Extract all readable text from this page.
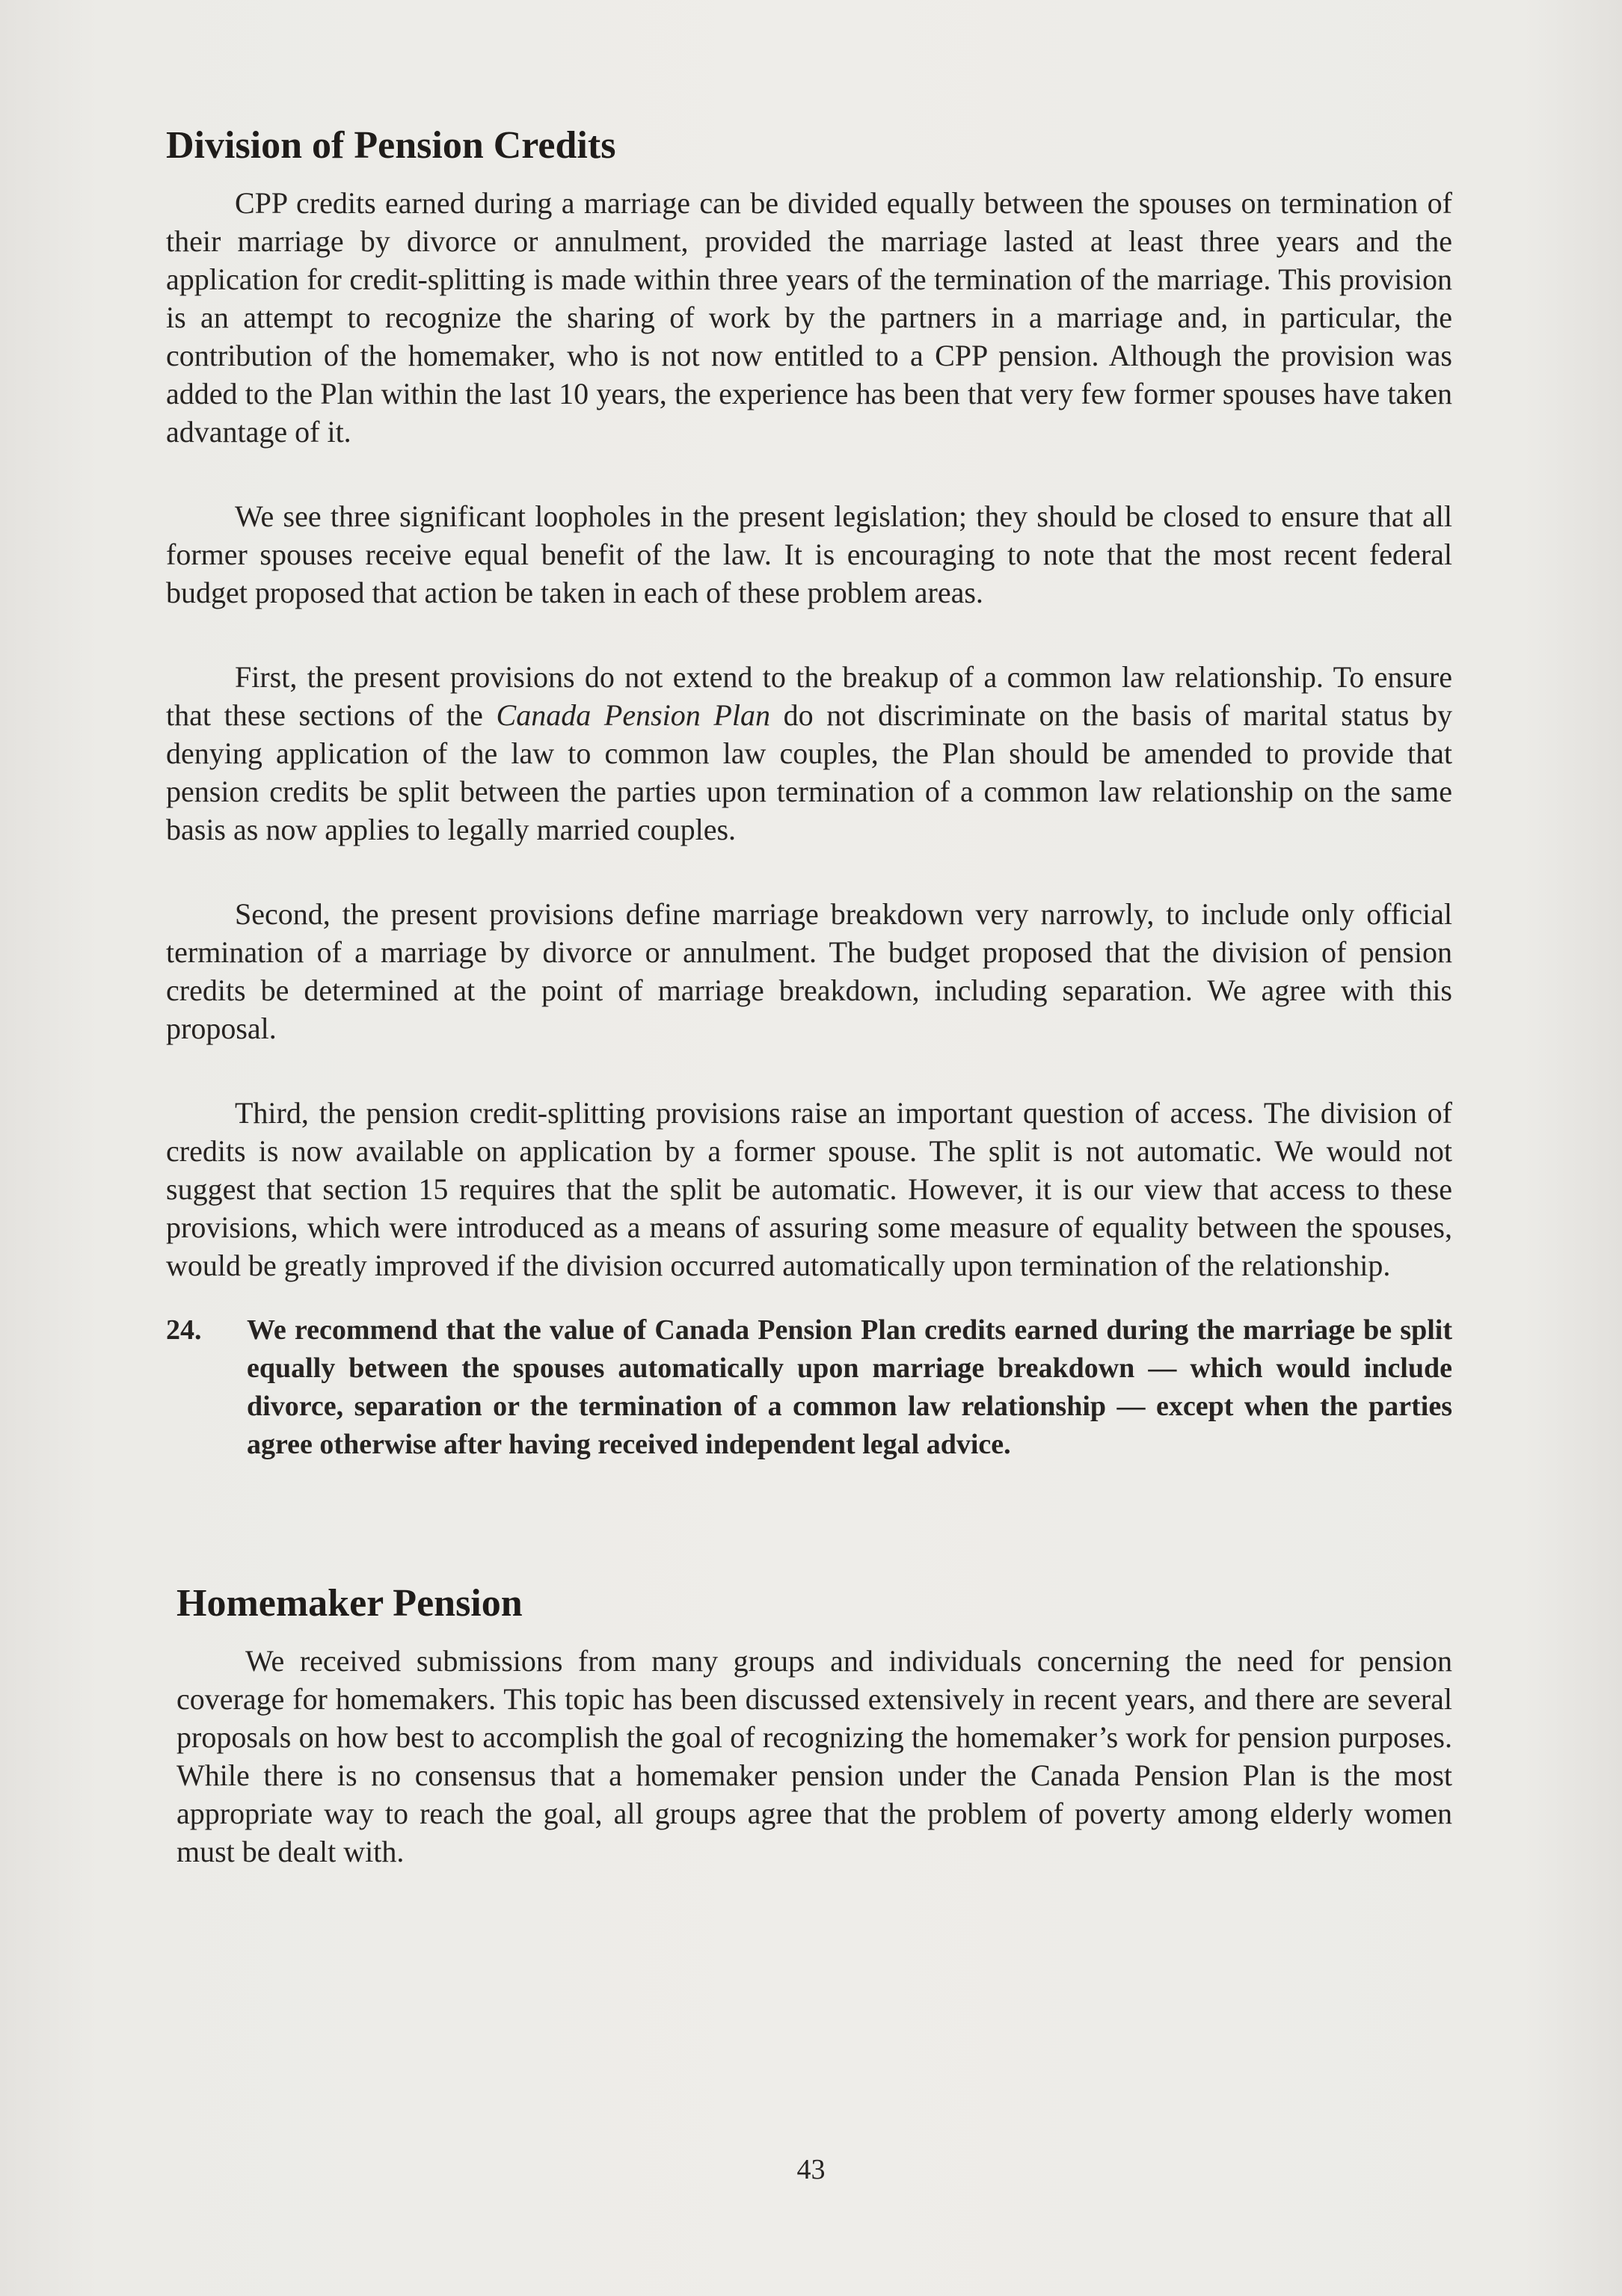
Division of Pension Credits

CPP credits earned during a marriage can be divided equally between the spouses on termination of their marriage by divorce or annulment, provided the marriage lasted at least three years and the application for credit-splitting is made within three years of the termination of the marriage. This provision is an attempt to recognize the sharing of work by the partners in a marriage and, in particular, the contribution of the homemaker, who is not now entitled to a CPP pension. Although the provision was added to the Plan within the last 10 years, the experience has been that very few former spouses have taken advantage of it.

We see three significant loopholes in the present legislation; they should be closed to ensure that all former spouses receive equal benefit of the law. It is encouraging to note that the most recent federal budget proposed that action be taken in each of these problem areas.

First, the present provisions do not extend to the breakup of a common law relationship. To ensure that these sections of the Canada Pension Plan do not discriminate on the basis of marital status by denying application of the law to common law couples, the Plan should be amended to provide that pension credits be split between the parties upon termination of a common law relationship on the same basis as now applies to legally married couples.

Second, the present provisions define marriage breakdown very narrowly, to include only official termination of a marriage by divorce or annulment. The budget proposed that the division of pension credits be determined at the point of marriage breakdown, including separation. We agree with this proposal.

Third, the pension credit-splitting provisions raise an important question of access. The division of credits is now available on application by a former spouse. The split is not automatic. We would not suggest that section 15 requires that the split be automatic. However, it is our view that access to these provisions, which were introduced as a means of assuring some measure of equality between the spouses, would be greatly improved if the division occurred automatically upon termination of the relationship.

24.	We recommend that the value of Canada Pension Plan credits earned during the marriage be split equally between the spouses automatically upon marriage breakdown — which would include divorce, separation or the termination of a common law relationship — except when the parties agree otherwise after having received independent legal advice.
Homemaker Pension

We received submissions from many groups and individuals concerning the need for pension coverage for homemakers. This topic has been discussed extensively in recent years, and there are several proposals on how best to accomplish the goal of recognizing the homemaker’s work for pension purposes. While there is no consensus that a homemaker pension under the Canada Pension Plan is the most appropriate way to reach the goal, all groups agree that the problem of poverty among elderly women must be dealt with.

43
